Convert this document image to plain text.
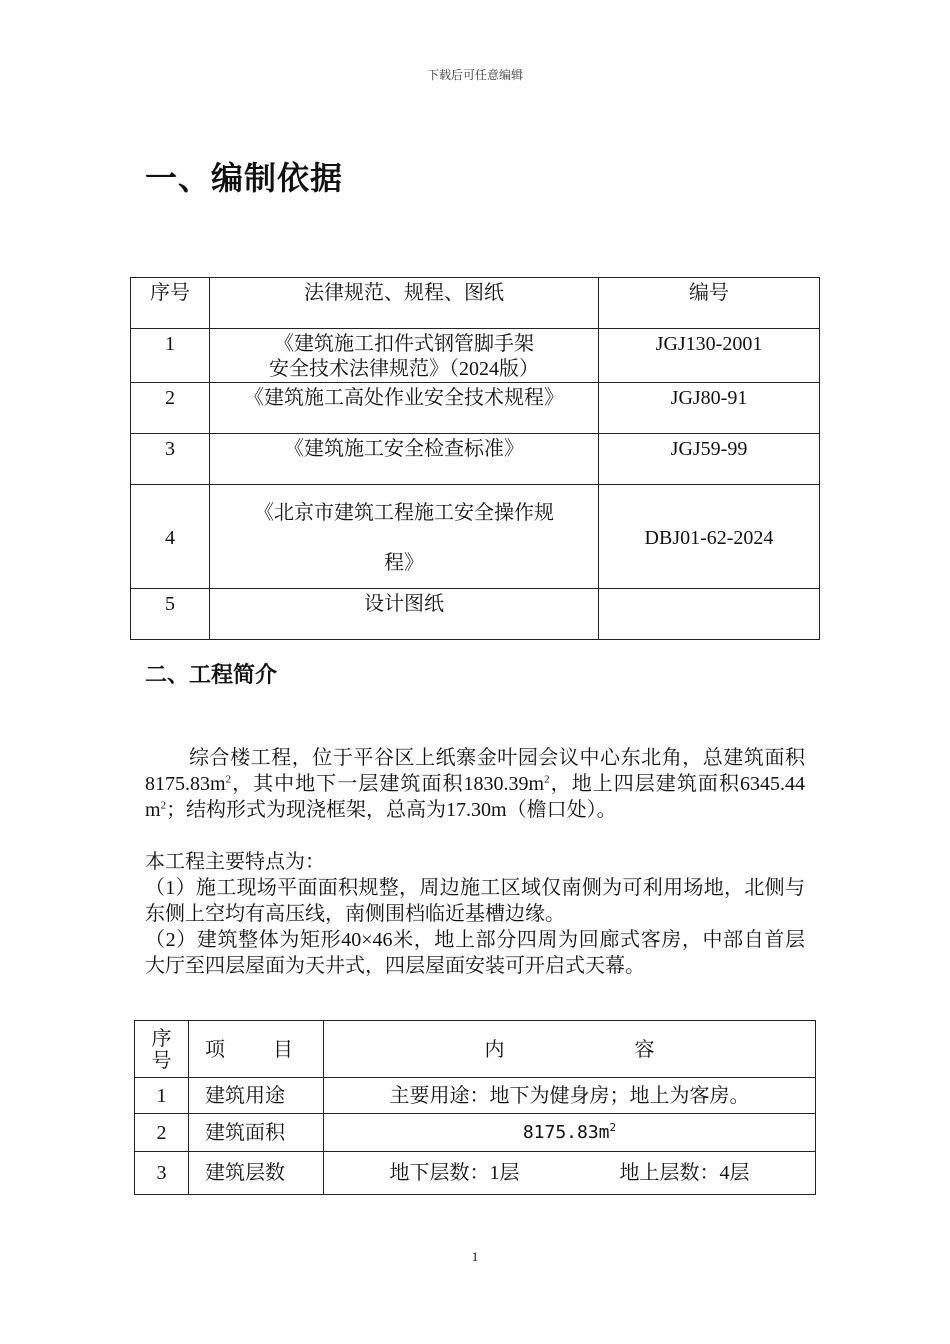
下载后可任意编辑
一、编制依据
序号	法律规范、规程、图纸	编号
1	《建筑施工扣件式钢管脚手架
安全技术法律规范》（2024版）	JGJ130-2001
2	《建筑施工高处作业安全技术规程》	JGJ80-91
3	《建筑施工安全检查标准》	JGJ59-99
4	《北京市建筑工程施工安全操作规
程》	DBJ01-62-2024
5	设计图纸	
二、工程简介

综合楼工程，位于平谷区上纸寨金叶园会议中心东北角，总建筑面积$8175.83m^2$，其中地下一层建筑面积$1830.39m^2$，地上四层建筑面积6345.44 $m^2$；结构形式为现浇框架，总高为17.30m（檐口处）。

本工程主要特点为：

（1）施工现场平面面积规整，周边施工区域仅南侧为可利用场地，北侧与东侧上空均有高压线，南侧围档临近基槽边缘。

（2）建筑整体为矩形40×46米，地上部分四周为回廊式客房，中部自首层大厅至四层屋面为天井式，四层屋面安装可开启式天幕。

序
号	项 目	内 容
1	建筑用途	主要用途：地下为健身房；地上为客房。
2	建筑面积	$8175.83m^2$
3	建筑层数	地下层数：1层 地上层数：4层
1
